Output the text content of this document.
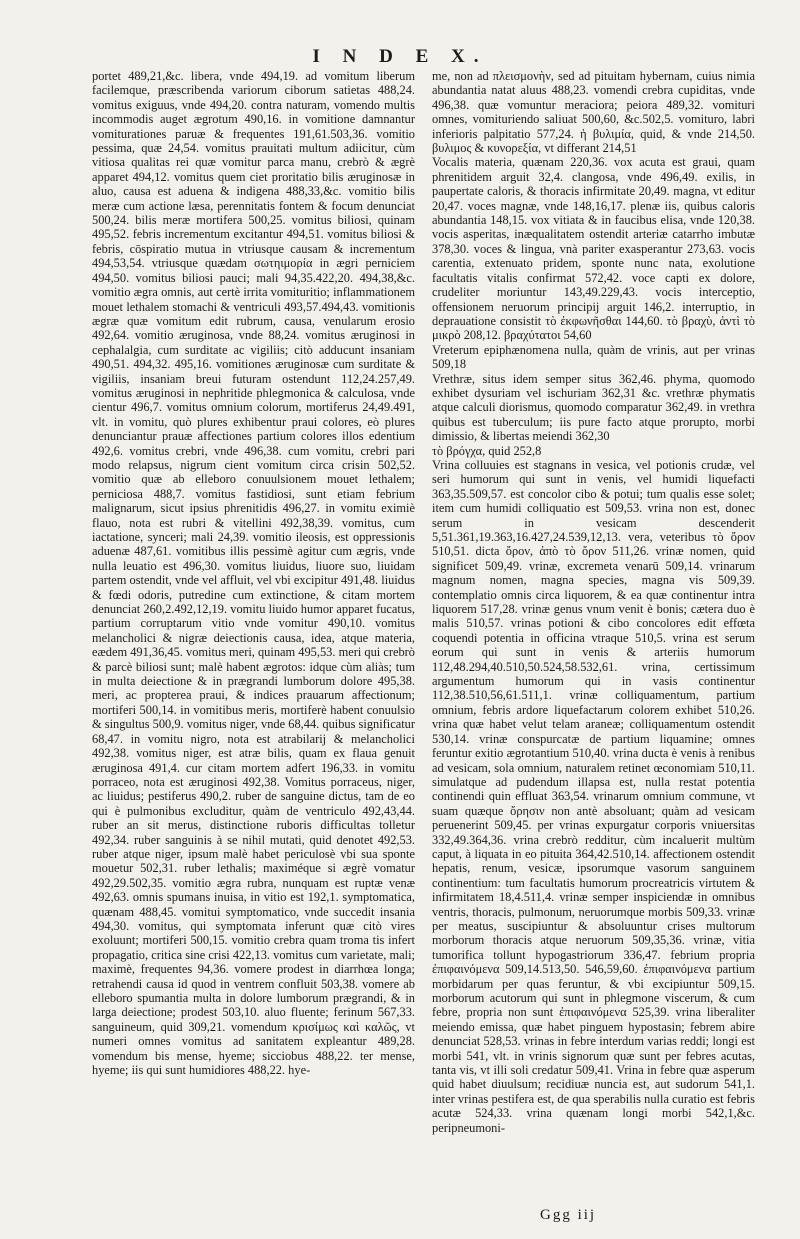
I N D E X.

portet 489,21,&c. libera, vnde 494,19. ad vomitum liberum facilemque, præscribenda variorum ciborum satietas 488,24. vomitus exiguus, vnde 494,20. contra naturam, vomendo multis incommodis auget ægrotum 490,16. in vomitione damnantur vomiturationes paruæ & frequentes 191,61.503,36. vomitio pessima, quæ 24,54. vomitus prauitati multum adiicitur, cùm vitiosa qualitas rei quæ vomitur parca manu, crebrò & ægrè apparet 494,12. vomitus quem ciet proritatio bilis æruginosæ in aluo, causa est aduena & indigena 488,33,&c. vomitio bilis meræ cum actione læsa, perennitatis fontem & focum denunciat 500,24. bilis meræ mortifera 500,25. vomitus biliosi, quinam 495,52. febris incrementum excitantur 494,51. vomitus biliosi & febris, cōspiratio mutua in vtriusque causam & incrementum 494,53,54. vtriusque quædam σωτηιμορία in ægri perniciem 494,50. vomitus biliosi pauci; mali 94,35.422,20. 494,38,&c. vomitio ægra omnis, aut certè irrita vomituritio; inflammationem mouet lethalem stomachi & ventriculi 493,57.494,43. vomitionis ægræ quæ vomitum edit rubrum, causa, venularum erosio 492,64. vomitio æruginosa, vnde 88,24. vomitus æruginosi in cephalalgia, cum surditate ac vigiliis; citò adducunt insaniam 490,51. 494,32. 495,16. vomitiones æruginosæ cum surditate & vigiliis, insaniam breui futuram ostendunt 112,24.257,49. vomitus æruginosi in nephritide phlegmonica & calculosa, vnde cientur 496,7. vomitus omnium colorum, mortiferus 24,49.491, vlt. in vomitu, quò plures exhibentur praui colores, eò plures denunciantur prauæ affectiones partium colores illos edentium 492,6. vomitus crebri, vnde 496,38. cum vomitu, crebri pari modo relapsus, nigrum cient vomitum circa crisin 502,52. vomitio quæ ab elleboro conuulsionem mouet lethalem; perniciosa 488,7. vomitus fastidiosi, sunt etiam febrium malignarum, sicut ipsius phrenitidis 496,27. in vomitu eximiè flauo, nota est rubri & vitellini 492,38,39. vomitus, cum iactatione, synceri; mali 24,39. vomitio ileosis, est oppressionis aduenæ 487,61. vomitibus illis pessimè agitur cum ægris, vnde nulla leuatio est 496,30. vomitus liuidus, liuore suo, liuidam partem ostendit, vnde vel affluit, vel vbi excipitur 491,48. liuidus & fœdi odoris, putredine cum extinctione, & citam mortem denunciat 260,2.492,12,19. vomitu liuido humor apparet fucatus, partium corruptarum vitio vnde vomitur 490,10. vomitus melancholici & nigræ deiectionis causa, idea, atque materia, eædem 491,36,45. vomitus meri, quinam 495,53. meri qui crebrò & parcè biliosi sunt; malè habent ægrotos: idque cùm aliàs; tum in multa deiectione & in prægrandi lumborum dolore 495,38. meri, ac propterea praui, & indices prauarum affectionum; mortiferi 500,14. in vomitibus meris, mortiferè habent conuulsio & singultus 500,9. vomitus niger, vnde 68,44. quibus significatur 68,47. in vomitu nigro, nota est atrabilarij & melancholici 492,38. vomitus niger, est atræ bilis, quam ex flaua genuit æruginosa 491,4. cur citam mortem adfert 196,33. in vomitu porraceo, nota est æruginosi 492,38. Vomitus porraceus, niger, ac liuidus; pestiferus 490,2. ruber de sanguine dictus, tam de eo qui è pulmonibus excluditur, quàm de ventriculo 492,43,44. ruber an sit merus, distinctione ruboris difficultas tolletur 492,34. ruber sanguinis à se nihil mutati, quid denotet 492,53. ruber atque niger, ipsum malè habet periculosè vbi sua sponte mouetur 502,31. ruber lethalis; maximéque si ægrè vomatur 492,29.502,35. vomitio ægra rubra, nunquam est ruptæ venæ 492,63. omnis spumans inuisa, in vitio est 192,1. symptomatica, quænam 488,45. vomitui symptomatico, vnde succedit insania 494,30. vomitus, qui symptomata inferunt quæ citò vires exoluunt; mortiferi 500,15. vomitio crebra quam troma tis infert propagatio, critica sine crisi 422,13. vomitus cum varietate, mali; maximè, frequentes 94,36. vomere prodest in diarrhœa longa; retrahendi causa id quod in ventrem confluit 503,38. vomere ab elleboro spumantia multa in dolore lumborum prægrandi, & in larga deiectione; prodest 503,10. aluo fluente; ferinum 567,33. sanguineum, quid 309,21. vomendum κρισίμως καὶ καλῶς, vt numeri omnes vomitus ad sanitatem expleantur 489,28. vomendum bis mense, hyeme; sicciobus 488,22. ter mense, hyeme; iis qui sunt humidiores 488,22. hye-

me, non ad πλεισμονὴν, sed ad pituitam hybernam, cuius nimia abundantia natat aluus 488,23. vomendi crebra cupiditas, vnde 496,38. quæ vomuntur meraciora; peiora 489,32. vomituri omnes, vomituriendo saliuat 500,60, &c.502,5. vomituro, labri inferioris palpitatio 577,24. ἡ βυλιμία, quid, & vnde 214,50. βυλιμος & κυνορεξία, vt differant 214,51
Vocalis materia, quænam 220,36. vox acuta est graui, quam phrenitidem arguit 32,4. clangosa, vnde 496,49. exilis, in paupertate caloris, & thoracis infirmitate 20,49. magna, vt editur 20,47. voces magnæ, vnde 148,16,17. plenæ iis, quibus caloris abundantia 148,15. vox vitiata & in faucibus elisa, vnde 120,38. vocis asperitas, inæqualitatem ostendit arteriæ catarrho imbutæ 378,30. voces & lingua, vnà pariter exasperantur 273,63. vocis carentia, extenuato pridem, sponte nunc nata, exolutione facultatis vitalis confirmat 572,42. voce capti ex dolore, crudeliter moriuntur 143,49.229,43. vocis interceptio, offensionem neruorum principij arguit 146,2. interruptio, in deprauatione consistit τὸ ἐκφωνῆσθαι 144,60. τὸ βραχὺ, ἀντὶ τὸ μικρὸ 208,12. βραχύτατοι 54,60
Vreterum epiphænomena nulla, quàm de vrinis, aut per vrinas 509,18
Vrethræ, situs idem semper situs 362,46. phyma, quomodo exhibet dysuriam vel ischuriam 362,31 &c. vrethræ phymatis atque calculi diorismus, quomodo comparatur 362,49. in vrethra quibus est tuberculum; iis pure facto atque prorupto, morbi dimissio, & libertas meiendi 362,30
τὸ βρόγχα, quid 252,8
Vrina colluuies est stagnans in vesica, vel potionis crudæ, vel seri humorum qui sunt in venis, vel humidi liquefacti 363,35.509,57. est concolor cibo & potui; tum qualis esse solet; item cum humidi colliquatio est 509,53. vrina non est, donec serum in vesicam descenderit 5,51.361,19.363,16.427,24.539,12,13. vera, veteribus τὸ ὄρον 510,51. dicta ὄρον, ἀπὸ τὸ ὄρον 511,26. vrinæ nomen, quid significet 509,49. vrinæ, excremeta venarū 509,14. vrinarum magnum nomen, magna species, magna vis 509,39. contemplatio omnis circa liquorem, & ea quæ continentur intra liquorem 517,28. vrinæ genus vnum venit è bonis; cætera duo è malis 510,57. vrinas potioni & cibo concolores edit effœta coquendi potentia in officina vtraque 510,5. vrina est serum eorum qui sunt in venis & arteriis humorum 112,48.294,40.510,50.524,58.532,61. vrina, certissimum argumentum humorum qui in vasis continentur 112,38.510,56,61.511,1. vrinæ colliquamentum, partium omnium, febris ardore liquefactarum colorem exhibet 510,26. vrina quæ habet velut telam araneæ; colliquamentum ostendit 530,14. vrinæ conspurcatæ de partium liquamine; omnes feruntur exitio ægrotantium 510,40. vrina ducta è venis à renibus ad vesicam, sola omnium, naturalem retinet œconomiam 510,11. simulatque ad pudendum illapsa est, nulla restat potentia continendi quin effluat 363,54. vrinarum omnium commune, vt suam quæque ὄρησιν non antè absoluant; quàm ad vesicam peruenerint 509,45. per vrinas expurgatur corporis vniuersitas 332,49.364,36. vrina crebrò redditur, cùm incaluerit multùm caput, à liquata in eo pituita 364,42.510,14. affectionem ostendit hepatis, renum, vesicæ, ipsorumque vasorum sanguinem continentium: tum facultatis humorum procreatricis virtutem & infirmitatem 18,4.511,4. vrinæ semper inspiciendæ in omnibus ventris, thoracis, pulmonum, neruorumque morbis 509,33. vrinæ per meatus, suscipiuntur & absoluuntur crises multorum morborum thoracis atque neruorum 509,35,36. vrinæ, vitia tumorifica tollunt hypogastriorum 336,47. febrium propria ἐπιφαινόμενα 509,14.513,50. 546,59,60. ἐπιφαινόμενα partium morbidarum per quas feruntur, & vbi excipiuntur 509,15. morborum acutorum qui sunt in phlegmone viscerum, & cum febre, propria non sunt ἐπιφαινόμενα 525,39. vrina liberaliter meiendo emissa, quæ habet pinguem hypostasin; febrem abire denunciat 528,53. vrinas in febre interdum varias reddi; longi est morbi 541, vlt. in vrinis signorum quæ sunt per febres acutas, tanta vis, vt illi soli credatur 509,41. Vrina in febre quæ asperum quid habet diuulsum; recidiuæ nuncia est, aut sudorum 541,1. inter vrinas pestifera est, de qua sperabilis nulla curatio est febris acutæ 524,33. vrina quænam longi morbi 542,1,&c. peripneumoni-

Ggg iij
